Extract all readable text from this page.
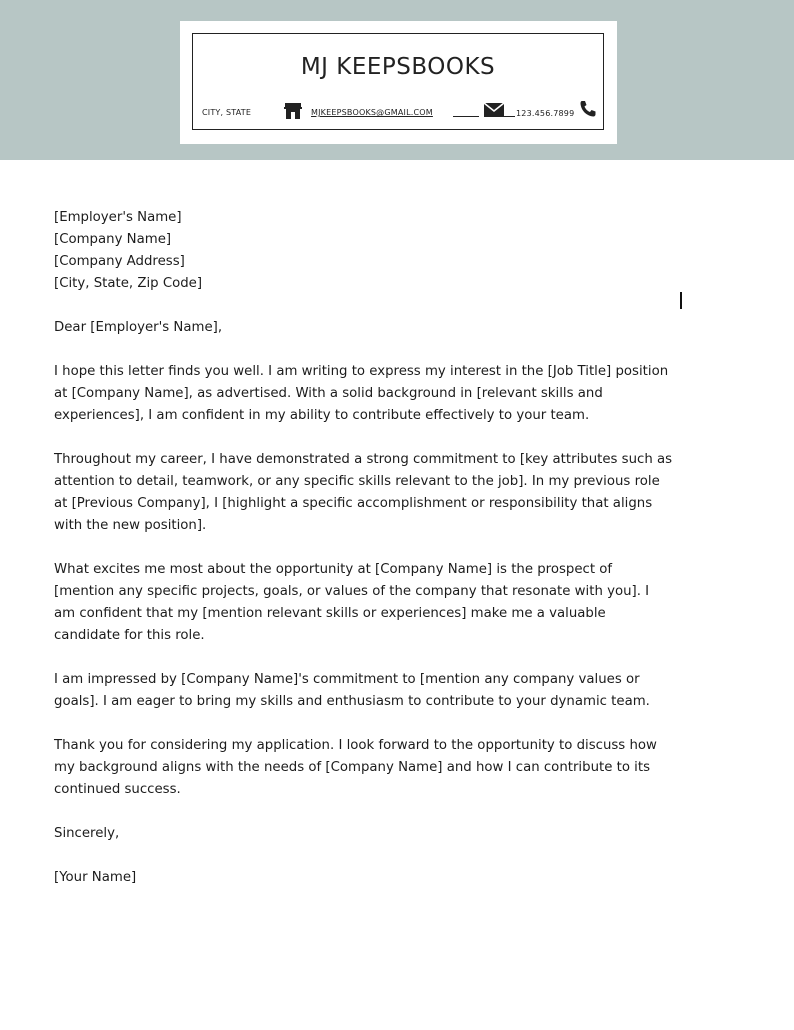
MJ KEEPSBOOKS
CITY, STATE	MJKEEPSBOOKS@GMAIL.COM	123.456.7899

[Employer's Name]

[Company Name]

[Company Address]

[City, State, Zip Code]

Dear [Employer's Name],

I hope this letter finds you well. I am writing to express my interest in the [Job Title] position at [Company Name], as advertised. With a solid background in [relevant skills and experiences], I am confident in my ability to contribute effectively to your team.

Throughout my career, I have demonstrated a strong commitment to [key attributes such as attention to detail, teamwork, or any specific skills relevant to the job]. In my previous role at [Previous Company], I [highlight a specific accomplishment or responsibility that aligns with the new position].

What excites me most about the opportunity at [Company Name] is the prospect of [mention any specific projects, goals, or values of the company that resonate with you]. I am confident that my [mention relevant skills or experiences] make me a valuable candidate for this role.

I am impressed by [Company Name]'s commitment to [mention any company values or goals]. I am eager to bring my skills and enthusiasm to contribute to your dynamic team.

Thank you for considering my application. I look forward to the opportunity to discuss how my background aligns with the needs of [Company Name] and how I can contribute to its continued success.

Sincerely,

[Your Name]
